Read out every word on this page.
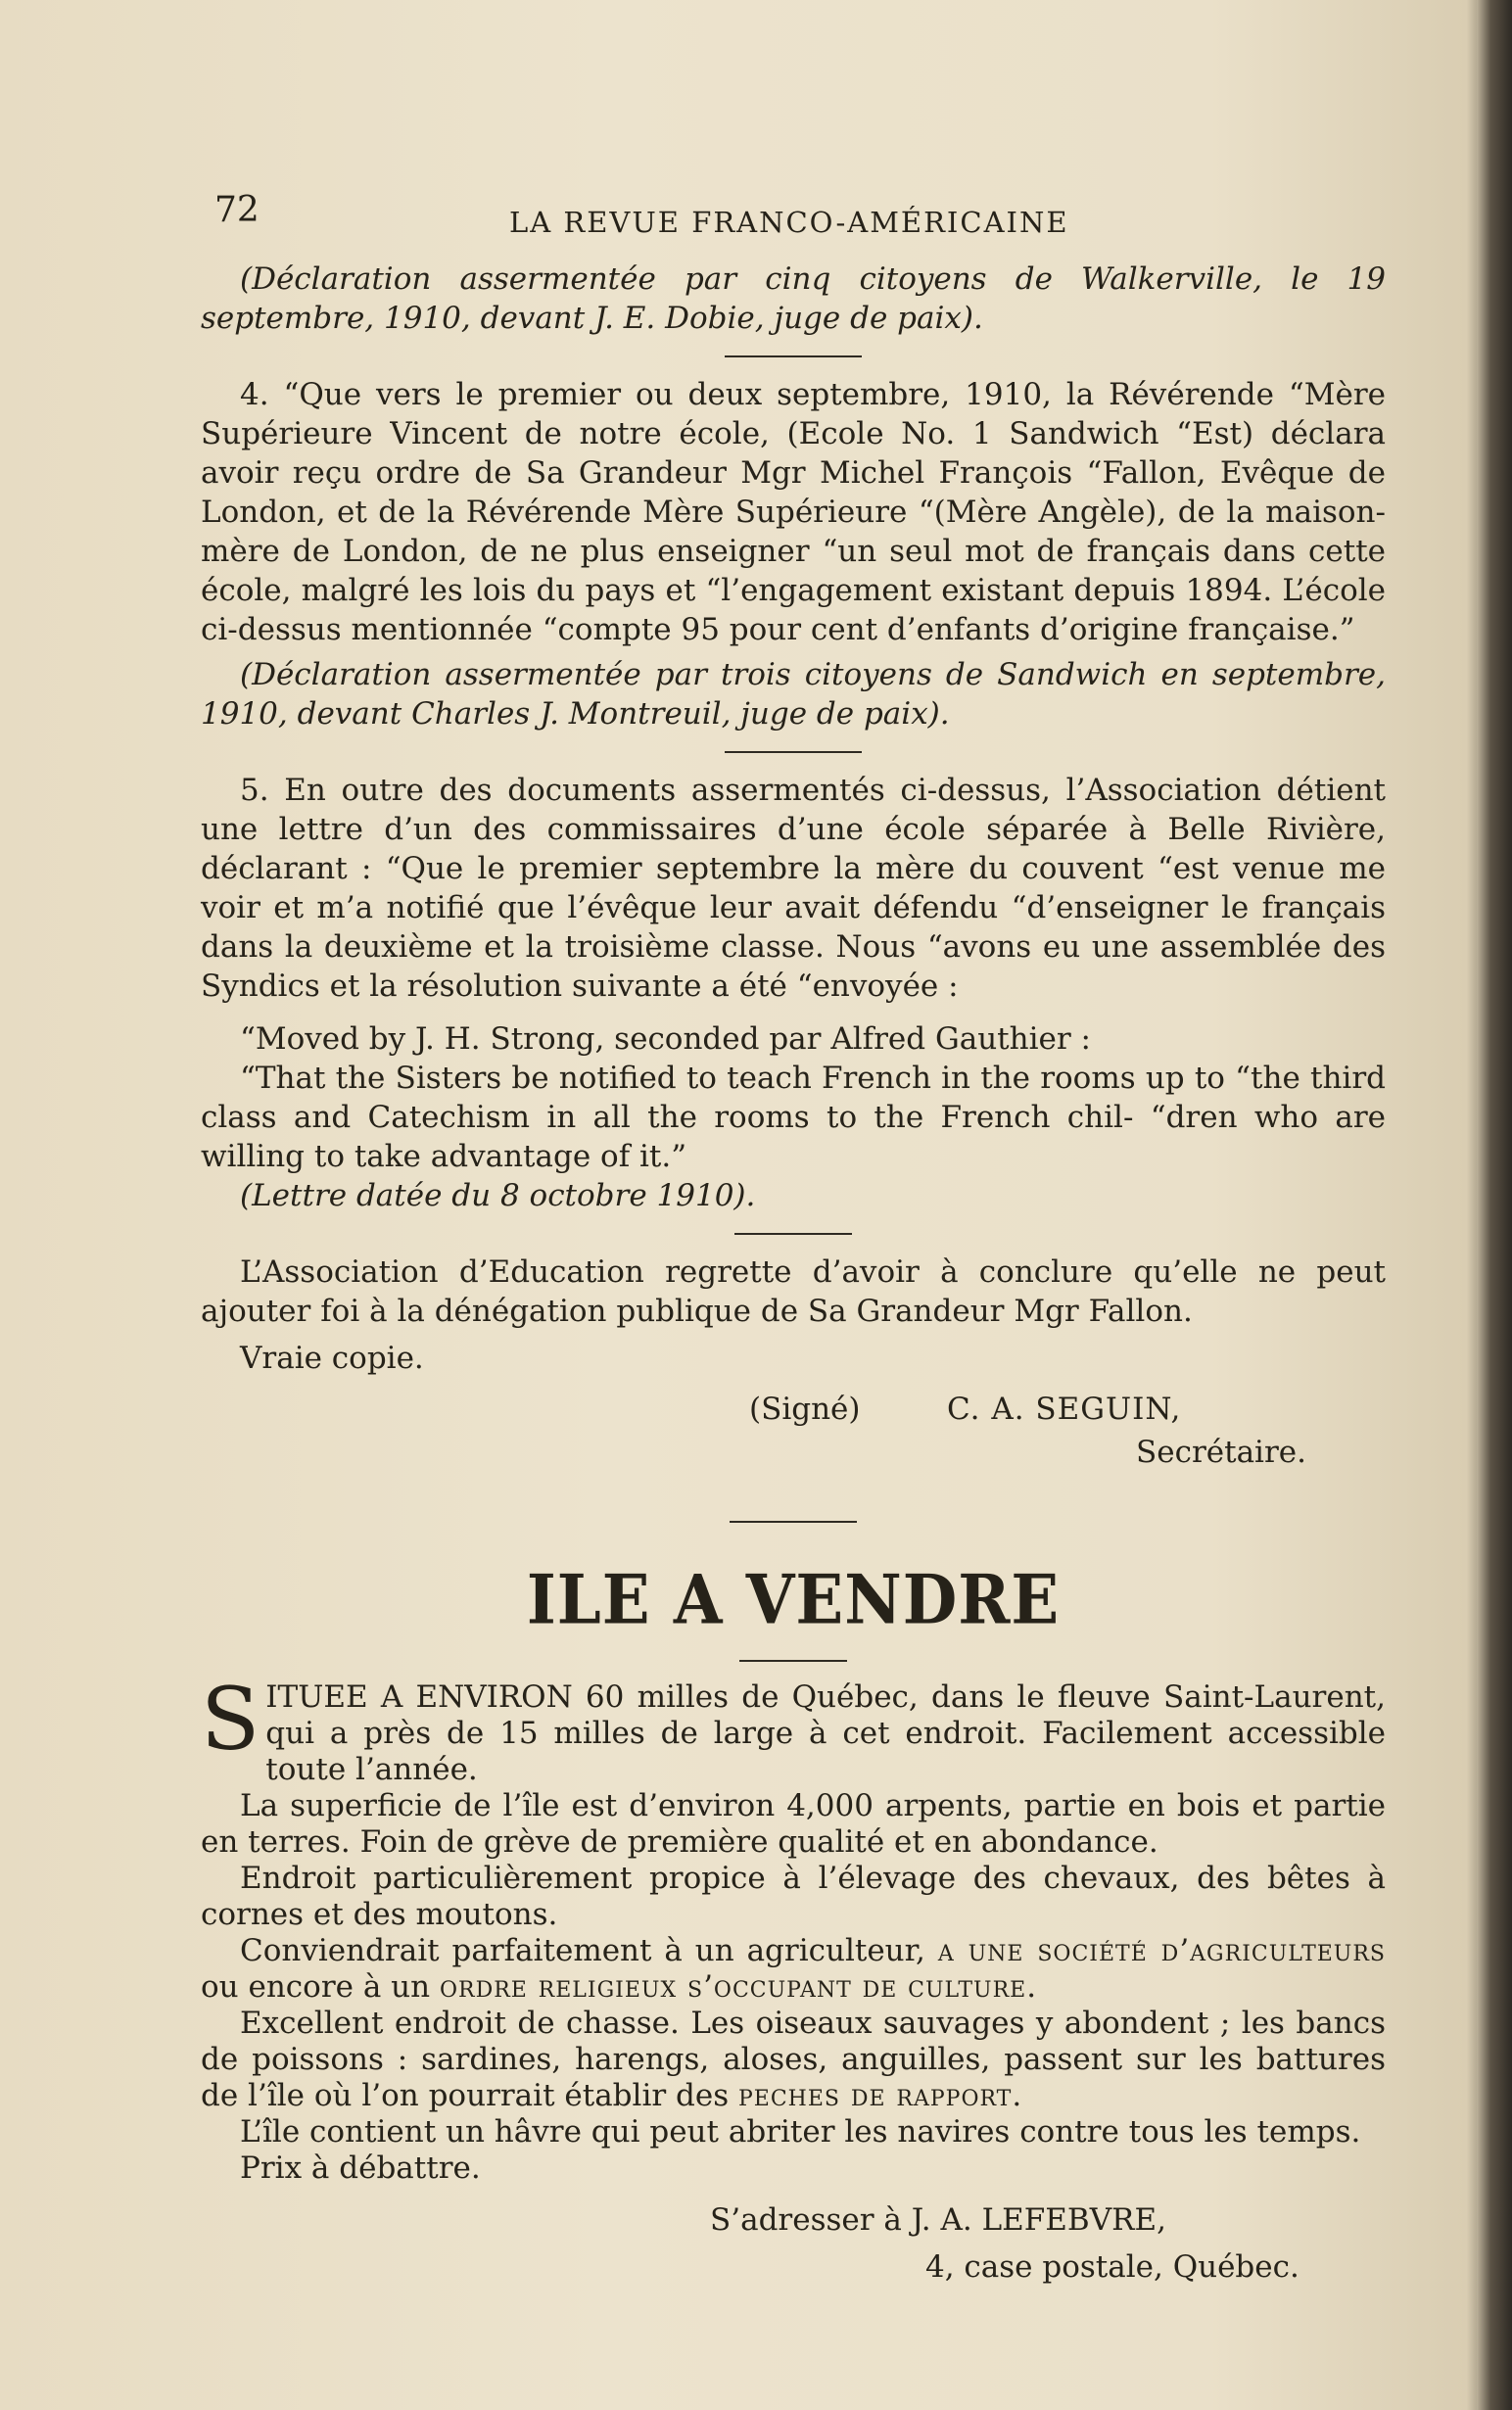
72	LA REVUE FRANCO-AMÉRICAINE

(Déclaration assermentée par cinq citoyens de Walkerville, le 19 septembre, 1910, devant J. E. Dobie, juge de paix).

4. “Que vers le premier ou deux septembre, 1910, la Révérende “Mère Supérieure Vincent de notre école, (Ecole No. 1 Sandwich “Est) déclara avoir reçu ordre de Sa Grandeur Mgr Michel François “Fallon, Evêque de London, et de la Révérende Mère Supérieure “(Mère Angèle), de la maison-mère de London, de ne plus enseigner “un seul mot de français dans cette école, malgré les lois du pays et “l’engagement existant depuis 1894. L’école ci-dessus mentionnée “compte 95 pour cent d’enfants d’origine française.”

(Déclaration assermentée par trois citoyens de Sandwich en septembre, 1910, devant Charles J. Montreuil, juge de paix).

5. En outre des documents assermentés ci-dessus, l’Association détient une lettre d’un des commissaires d’une école séparée à Belle Rivière, déclarant : “Que le premier septembre la mère du couvent “est venue me voir et m’a notifié que l’évêque leur avait défendu “d’enseigner le français dans la deuxième et la troisième classe. Nous “avons eu une assemblée des Syndics et la résolution suivante a été “envoyée :

“Moved by J. H. Strong, seconded par Alfred Gauthier :

“That the Sisters be notified to teach French in the rooms up to “the third class and Catechism in all the rooms to the French chil- “dren who are willing to take advantage of it.”

(Lettre datée du 8 octobre 1910).

L’Association d’Education regrette d’avoir à conclure qu’elle ne peut ajouter foi à la dénégation publique de Sa Grandeur Mgr Fallon.

Vraie copie.

(Signé)	C. A. SEGUIN,
Secrétaire.
ILE A VENDRE

S ITUEE A ENVIRON 60 milles de Québec, dans le fleuve Saint-Laurent, qui a près de 15 milles de large à cet endroit. Facilement accessible toute l’année.

La superficie de l’île est d’environ 4,000 arpents, partie en bois et partie en terres. Foin de grève de première qualité et en abondance.

Endroit particulièrement propice à l’élevage des chevaux, des bêtes à cornes et des moutons.

Conviendrait parfaitement à un agriculteur, a une société d’agriculteurs ou encore à un ordre religieux s’occupant de culture.

Excellent endroit de chasse. Les oiseaux sauvages y abondent ; les bancs de poissons : sardines, harengs, aloses, anguilles, passent sur les battures de l’île où l’on pourrait établir des peches de rapport.

L’île contient un hâvre qui peut abriter les navires contre tous les temps.

Prix à débattre.

S’adresser à J. A. LEFEBVRE,
4, case postale, Québec.
